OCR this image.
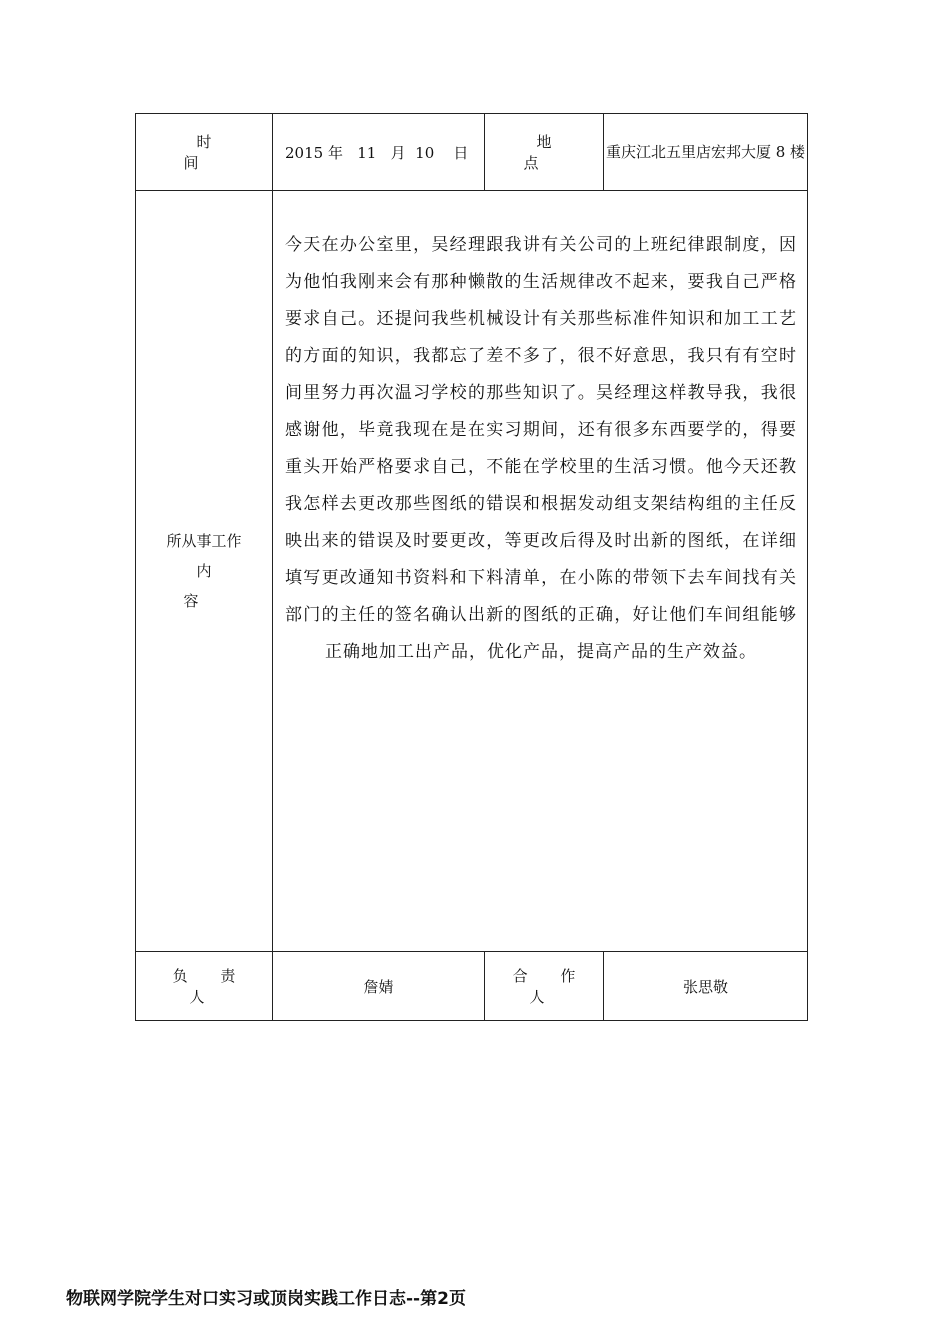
时 间	2015 年   11   月  10    日	地 点	重庆江北五里店宏邦大厦 8 楼

所从事工作
内 容	今天在办公室里，吴经理跟我讲有关公司的上班纪律跟制度，因为他怕我刚来会有那种懒散的生活规律改不起来，要我自己严格要求自己。还提问我些机械设计有关那些标准件知识和加工工艺的方面的知识，我都忘了差不多了，很不好意思，我只有有空时间里努力再次温习学校的那些知识了。吴经理这样教导我，我很感谢他，毕竟我现在是在实习期间，还有很多东西要学的，得要重头开始严格要求自己，不能在学校里的生活习惯。他今天还教我怎样去更改那些图纸的错误和根据发动组支架结构组的主任反映出来的错误及时要更改，等更改后得及时出新的图纸，在详细填写更改通知书资料和下料清单，在小陈的带领下去车间找有关部门的主任的签名确认出新的图纸的正确，好让他们车间组能够正确地加工出产品，优化产品，提高产品的生产效益。		

负 责 人	詹婧	合 作 人	张思敬
物联网学院学生对口实习或顶岗实践工作日志--第2页
